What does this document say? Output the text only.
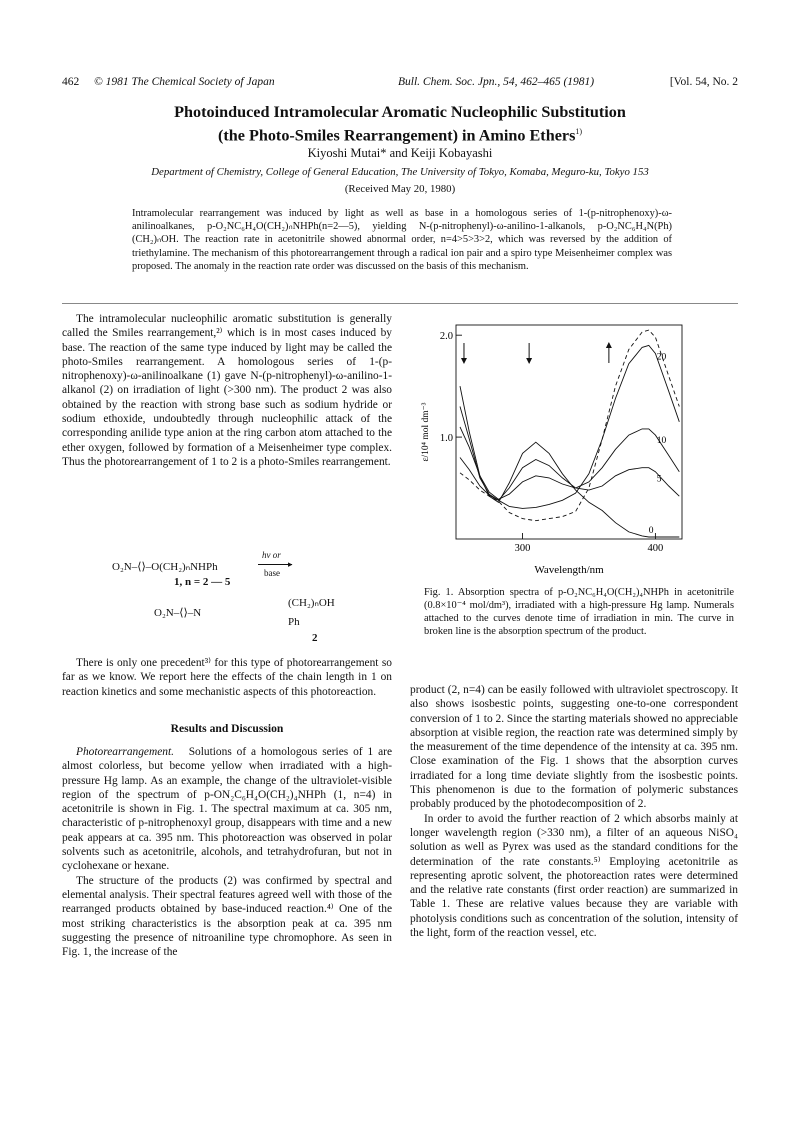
462 © 1981 The Chemical Society of Japan	Bull. Chem. Soc. Jpn., 54, 462–465 (1981)	[Vol. 54, No. 2
Photoinduced Intramolecular Aromatic Nucleophilic Substitution
(the Photo-Smiles Rearrangement) in Amino Ethers$^{1)}$
Kiyoshi Mutai* and Keiji Kobayashi
Department of Chemistry, College of General Education, The University of Tokyo, Komaba, Meguro-ku, Tokyo 153
(Received May 20, 1980)
Intramolecular rearrangement was induced by light as well as base in a homologous series of 1-(p-nitrophenoxy)-ω-anilinoalkanes, p-O₂NC₆H₄O(CH₂)ₙNHPh(n=2—5), yielding N-(p-nitrophenyl)-ω-anilino-1-alkanols, p-O₂NC₆H₄N(Ph)(CH₂)ₙOH. The reaction rate in acetonitrile showed abnormal order, n=4>5>3>2, which was reversed by the addition of triethylamine. The mechanism of this photorearrangement through a radical ion pair and a spiro type Meisenheimer complex was proposed. The anomaly in the reaction rate order was discussed on the basis of this mechanism.

The intramolecular nucleophilic aromatic substitution is generally called the Smiles rearrangement,²⁾ which is in most cases induced by base. The reaction of the same type induced by light may be called the photo-Smiles rearrangement. A homologous series of 1-(p-nitrophenoxy)-ω-anilinoalkane (1) gave N-(p-nitrophenyl)-ω-anilino-1-alkanol (2) on irradiation of light (>300 nm). The product 2 was also obtained by the reaction with strong base such as sodium hydride or sodium ethoxide, undoubtedly through nucleophilic attack of the corresponding anilide type anion at the ring carbon atom attached to the ether oxygen, followed by formation of a Meisenheimer type complex. Thus the photorearrangement of 1 to 2 is a photo-Smiles rearrangement.

O₂N–⟨⟩–O(CH₂)ₙNHPh
hν or
▸
base
1, n = 2 — 5
(CH₂)ₙOH
O₂N–⟨⟩–N
Ph
2

There is only one precedent³⁾ for this type of photorearrangement so far as we know. We report here the effects of the chain length in 1 on reaction kinetics and some mechanistic aspects of this photoreaction.

Results and Discussion

Photorearrangement. Solutions of a homologous series of 1 are almost colorless, but become yellow when irradiated with a high-pressure Hg lamp. As an example, the change of the ultraviolet-visible region of the spectrum of p-ON₂C₆H₄O(CH₂)₄NHPh (1, n=4) in acetonitrile is shown in Fig. 1. The spectral maximum at ca. 305 nm, characteristic of p-nitrophenoxyl group, disappears with time and a new peak appears at ca. 395 nm. This photoreaction was observed in polar solvents such as acetonitrile, alcohols, and tetrahydrofuran, but not in cyclohexane or hexane.

The structure of the products (2) was confirmed by spectral and elemental analysis. Their spectral features agreed well with those of the rearranged products obtained by base-induced reaction.⁴⁾ One of the most striking characteristics is the absorption peak at ca. 395 nm suggesting the presence of nitroaniline type chromophore. As seen in Fig. 1, the increase of the

1.0
2.0
300	400
Wavelength/nm
ε/10⁴ mol dm⁻³
0
5
10
20
Fig. 1. Absorption spectra of p-O₂NC₆H₄O(CH₂)₄NHPh in acetonitrile (0.8×10⁻⁴ mol/dm³), irradiated with a high-pressure Hg lamp. Numerals attached to the curves denote time of irradiation in min. The curve in broken line is the absorption spectrum of the product.

product (2, n=4) can be easily followed with ultraviolet spectroscopy. It also shows isosbestic points, suggesting one-to-one correspondent conversion of 1 to 2. Since the starting materials showed no appreciable absorption at visible region, the reaction rate was determined simply by the measurement of the time dependence of the intensity at ca. 395 nm. Close examination of the Fig. 1 shows that the absorption curves irradiated for a long time deviate slightly from the isosbestic points. This phenomenon is due to the formation of polymeric substances probably produced by the photodecomposition of 2.

In order to avoid the further reaction of 2 which absorbs mainly at longer wavelength region (>330 nm), a filter of an aqueous NiSO₄ solution as well as Pyrex was used as the standard conditions for the determination of the rate constants.⁵⁾ Employing acetonitrile as representing aprotic solvent, the photoreaction rates were determined and the relative rate constants (first order reaction) are summarized in Table 1. These are relative values because they are variable with photolysis conditions such as concentration of the solution, intensity of the light, form of the reaction vessel, etc.
